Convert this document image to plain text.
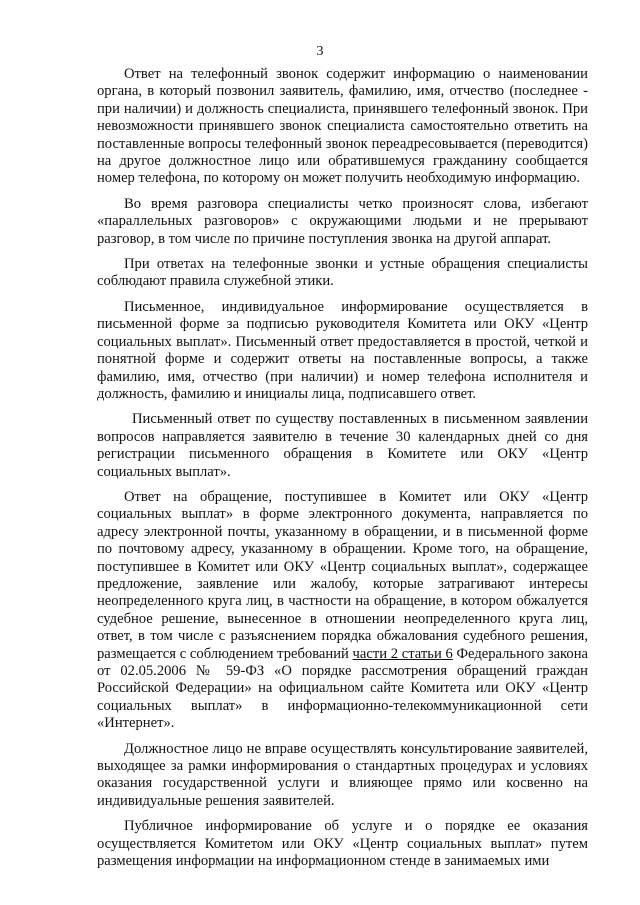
3

Ответ на телефонный звонок содержит информацию о наименовании органа, в который позвонил заявитель, фамилию, имя, отчество (последнее - при наличии) и должность специалиста, принявшего телефонный звонок. При невозможности принявшего звонок специалиста самостоятельно ответить на поставленные вопросы телефонный звонок переадресовывается (переводится) на другое должностное лицо или обратившемуся гражданину сообщается номер телефона, по которому он может получить необходимую информацию.

Во время разговора специалисты четко произносят слова, избегают «параллельных разговоров» с окружающими людьми и не прерывают разговор, в том числе по причине поступления звонка на другой аппарат.

При ответах на телефонные звонки и устные обращения специалисты соблюдают правила служебной этики.

Письменное, индивидуальное информирование осуществляется в письменной форме за подписью руководителя Комитета или ОКУ «Центр социальных выплат». Письменный ответ предоставляется в простой, четкой и понятной форме и содержит ответы на поставленные вопросы, а также фамилию, имя, отчество (при наличии) и номер телефона исполнителя и должность, фамилию и инициалы лица, подписавшего ответ.

Письменный ответ по существу поставленных в письменном заявлении вопросов направляется заявителю в течение 30 календарных дней со дня регистрации письменного обращения в Комитете или ОКУ «Центр социальных выплат».

Ответ на обращение, поступившее в Комитет или ОКУ «Центр социальных выплат» в форме электронного документа, направляется по адресу электронной почты, указанному в обращении, и в письменной форме по почтовому адресу, указанному в обращении. Кроме того, на обращение, поступившее в Комитет или ОКУ «Центр социальных выплат», содержащее предложение, заявление или жалобу, которые затрагивают интересы неопределенного круга лиц, в частности на обращение, в котором обжалуется судебное решение, вынесенное в отношении неопределенного круга лиц, ответ, в том числе с разъяснением порядка обжалования судебного решения, размещается с соблюдением требований части 2 статьи 6 Федерального закона от 02.05.2006 № 59-ФЗ «О порядке рассмотрения обращений граждан Российской Федерации» на официальном сайте Комитета или ОКУ «Центр социальных выплат» в информационно-телекоммуникационной сети «Интернет».

Должностное лицо не вправе осуществлять консультирование заявителей, выходящее за рамки информирования о стандартных процедурах и условиях оказания государственной услуги и влияющее прямо или косвенно на индивидуальные решения заявителей.

Публичное информирование об услуге и о порядке ее оказания осуществляется Комитетом или ОКУ «Центр социальных выплат» путем размещения информации на информационном стенде в занимаемых ими
